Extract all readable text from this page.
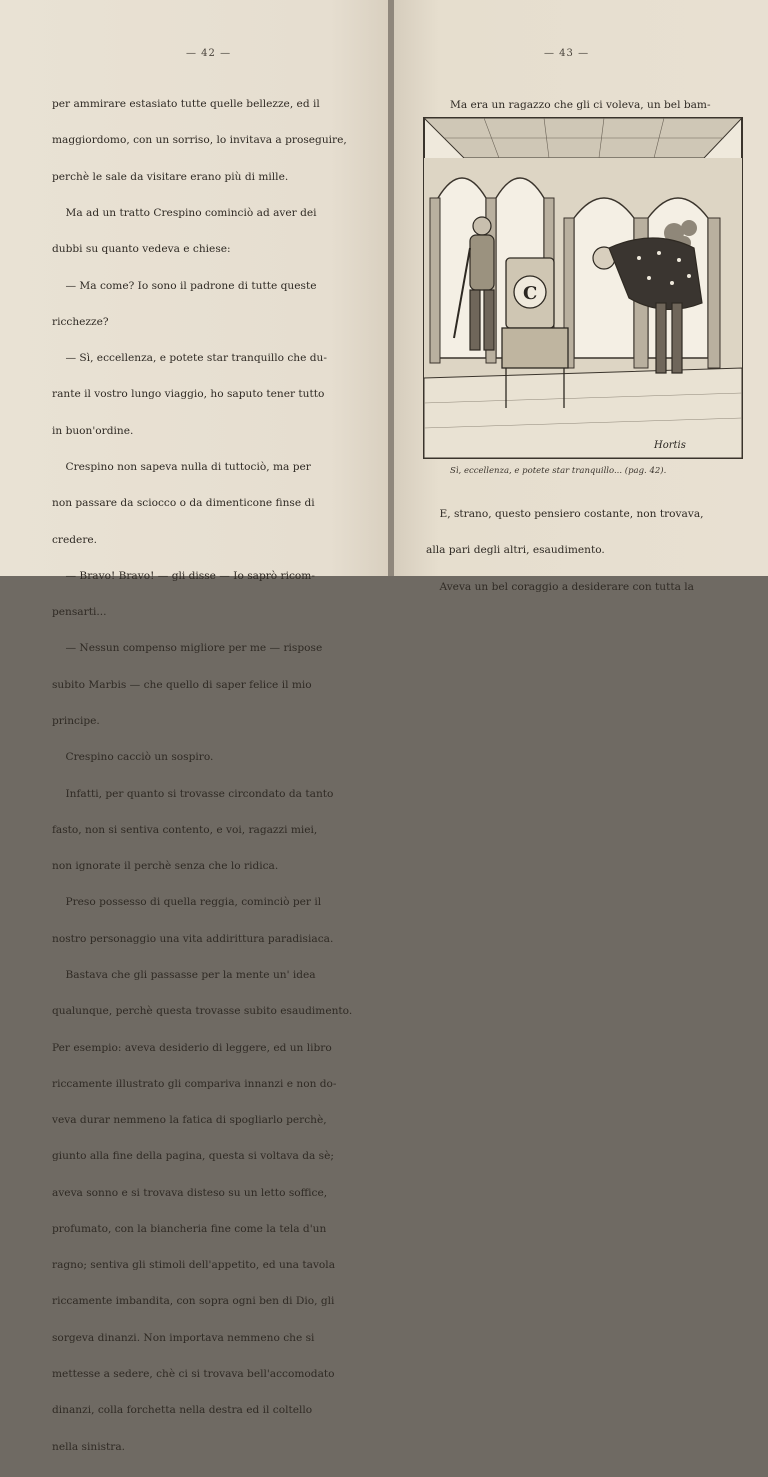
— 42 —

per ammirare estasiato tutte quelle bellezze, ed il

maggiordomo, con un sorriso, lo invitava a proseguire,

perchè le sale da visitare erano più di mille.

Ma ad un tratto Crespino cominciò ad aver dei

dubbi su quanto vedeva e chiese:

— Ma come? Io sono il padrone di tutte queste

ricchezze?

— Sì, eccellenza, e potete star tranquillo che du-

rante il vostro lungo viaggio, ho saputo tener tutto

in buon'ordine.

Crespino non sapeva nulla di tuttociò, ma per

non passare da sciocco o da dimenticone finse di

credere.

— Bravo! Bravo! — gli disse — Io saprò ricom-

pensarti...

— Nessun compenso migliore per me — rispose

subito Marbis — che quello di saper felice il mio

principe.

Crespino cacciò un sospiro.

Infatti, per quanto si trovasse circondato da tanto

fasto, non si sentiva contento, e voi, ragazzi miei,

non ignorate il perchè senza che lo ridica.

Preso possesso di quella reggia, cominciò per il

nostro personaggio una vita addirittura paradisiaca.

Bastava che gli passasse per la mente un' idea

qualunque, perchè questa trovasse subito esaudimento.

Per esempio: aveva desiderio di leggere, ed un libro

riccamente illustrato gli compariva innanzi e non do-

veva durar nemmeno la fatica di spogliarlo perchè,

giunto alla fine della pagina, questa si voltava da sè;

aveva sonno e si trovava disteso su un letto soffice,

profumato, con la biancheria fine come la tela d'un

ragno; sentiva gli stimoli dell'appetito, ed una tavola

riccamente imbandita, con sopra ogni ben di Dio, gli

sorgeva dinanzi. Non importava nemmeno che si

mettesse a sedere, chè ci si trovava bell'accomodato

dinanzi, colla forchetta nella destra ed il coltello

nella sinistra.

— 43 —

Ma era un ragazzo che gli ci voleva, un bel bam-

C
Hortis
Sì, eccellenza, e potete star tranquillo... (pag. 42).

E, strano, questo pensiero costante, non trovava,

alla pari degli altri, esaudimento.

Aveva un bel coraggio a desiderare con tutta la
